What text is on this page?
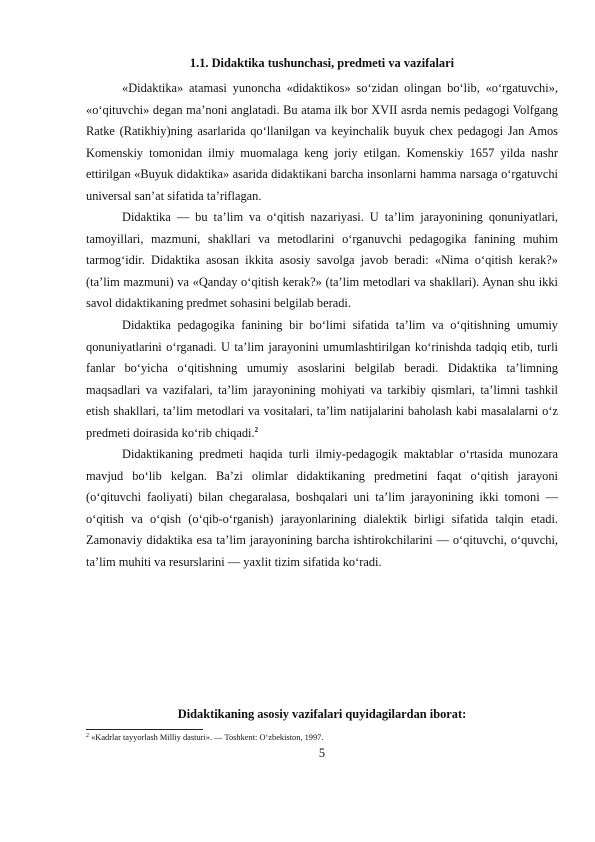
1.1. Didaktika tushunchasi, predmeti va vazifalari

«Didaktika» atamasi yunoncha «didaktikos» so‘zidan olingan bo‘lib, «o‘rgatuvchi», «o‘qituvchi» degan ma’noni anglatadi. Bu atama ilk bor XVII asrda nemis pedagogi Volfgang Ratke (Ratikhiy)ning asarlarida qo‘llanilgan va keyinchalik buyuk chex pedagogi Jan Amos Komenskiy tomonidan ilmiy muomalaga keng joriy etilgan. Komenskiy 1657 yilda nashr ettirilgan «Buyuk didaktika» asarida didaktikani barcha insonlarni hamma narsaga o‘rgatuvchi universal san’at sifatida ta’riflagan.

Didaktika — bu ta’lim va o‘qitish nazariyasi. U ta’lim jarayonining qonuniyatlari, tamoyillari, mazmuni, shakllari va metodlarini o‘rganuvchi pedagogika fanining muhim tarmog‘idir. Didaktika asosan ikkita asosiy savolga javob beradi: «Nima o‘qitish kerak?» (ta’lim mazmuni) va «Qanday o‘qitish kerak?» (ta’lim metodlari va shakllari). Aynan shu ikki savol didaktikaning predmet sohasini belgilab beradi.

Didaktika pedagogika fanining bir bo‘limi sifatida ta’lim va o‘qitishning umumiy qonuniyatlarini o‘rganadi. U ta’lim jarayonini umumlashtirilgan ko‘rinishda tadqiq etib, turli fanlar bo‘yicha o‘qitishning umumiy asoslarini belgilab beradi. Didaktika ta’limning maqsadlari va vazifalari, ta’lim jarayonining mohiyati va tarkibiy qismlari, ta’limni tashkil etish shakllari, ta’lim metodlari va vositalari, ta’lim natijalarini baholash kabi masalalarni o‘z predmeti doirasida ko‘rib chiqadi.$^2$

Didaktikaning predmeti haqida turli ilmiy-pedagogik maktablar o‘rtasida munozara mavjud bo‘lib kelgan. Ba’zi olimlar didaktikaning predmetini faqat o‘qitish jarayoni (o‘qituvchi faoliyati) bilan chegaralasa, boshqalari uni ta’lim jarayonining ikki tomoni — o‘qitish va o‘qish (o‘qib-o‘rganish) jarayonlarining dialektik birligi sifatida talqin etadi. Zamonaviy didaktika esa ta’lim jarayonining barcha ishtirokchilarini — o‘qituvchi, o‘quvchi, ta’lim muhiti va resurslarini — yaxlit tizim sifatida ko‘radi.

Didaktikaning asosiy vazifalari quyidagilardan iborat:
$^2$ «Kadrlar tayyorlash Milliy dasturi». — Toshkent: O‘zbekiston, 1997.
5
